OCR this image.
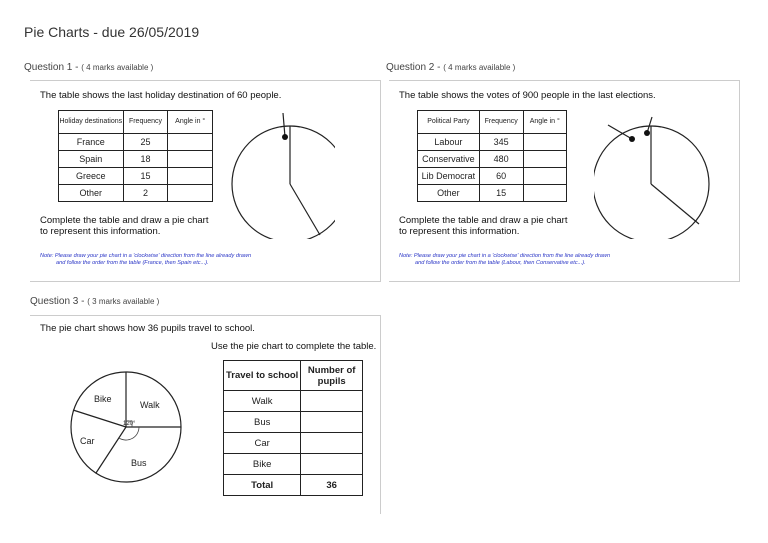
Pie Charts - due 26/05/2019
Question 1 - ( 4 marks available )
The table shows the last holiday destination of 60 people.
Holiday destinations	Frequency	Angle in °
France	25	
Spain	18	
Greece	15	
Other	2	
Complete the table and draw a pie chart
to represent this information.
Note: Please draw your pie chart in a 'clockwise' direction from the line already drawn
and follow the order from the table (France, then Spain etc...).
Question 2 - ( 4 marks available )
The table shows the votes of 900 people in the last elections.
Political Party	Frequency	Angle in °
Labour	345	
Conservative	480	
Lib Democrat	60	
Other	15	
Complete the table and draw a pie chart
to represent this information.
Note: Please draw your pie chart in a 'clockwise' direction from the line already drawn
and follow the order from the table (Labour, then Conservative etc...).
Question 3 - ( 3 marks available )
The pie chart shows how 36 pupils travel to school.
120°
Bike
Walk
Car
Bus
Use the pie chart to complete the table.
Travel to school	Number of pupils
Walk	
Bus	
Car	
Bike	
Total	36
